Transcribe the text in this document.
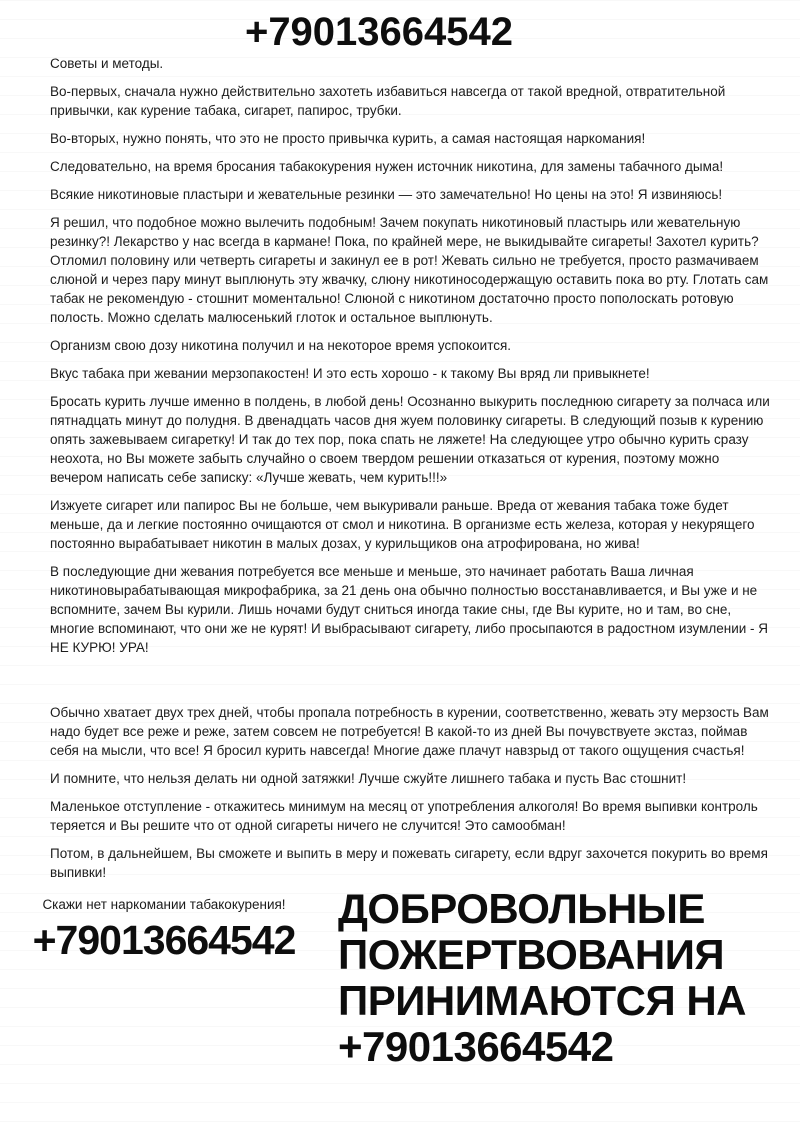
+79013664542
Советы и методы.

Во-первых, сначала нужно действительно захотеть избавиться навсегда от такой вредной, отвратительной привычки, как курение табака, сигарет, папирос, трубки.

Во-вторых, нужно понять, что это не просто привычка курить, а самая настоящая наркомания!

Следовательно, на время бросания табакокурения нужен источник никотина, для замены табачного дыма!

Всякие никотиновые пластыри и жевательные резинки — это замечательно! Но цены на это! Я извиняюсь!

Я решил, что подобное можно вылечить подобным! Зачем покупать никотиновый пластырь или жевательную резинку?! Лекарство у нас всегда в кармане! Пока, по крайней мере, не выкидывайте сигареты! Захотел курить? Отломил половину или четверть сигареты и закинул ее в рот! Жевать сильно не требуется, просто размачиваем слюной и через пару минут выплюнуть эту жвачку, слюну никотиносодержащую оставить пока во рту. Глотать сам табак не рекомендую - стошнит моментально! Слюной с никотином достаточно просто пополоскать ротовую полость. Можно сделать малюсенький глоток и остальное выплюнуть.

Организм свою дозу никотина получил и на некоторое время успокоится.

Вкус табака при жевании мерзопакостен! И это есть хорошо - к такому Вы вряд ли привыкнете!

Бросать курить лучше именно в полдень, в любой день! Осознанно выкурить последнюю сигарету за полчаса или пятнадцать минут до полудня. В двенадцать часов дня жуем половинку сигареты. В следующий позыв к курению опять зажевываем сигаретку! И так до тех пор, пока спать не ляжете! На следующее утро обычно курить сразу неохота, но Вы можете забыть случайно о своем твердом решении отказаться от курения, поэтому можно вечером написать себе записку: «Лучше жевать, чем курить!!!»

Изжуете сигарет или папирос Вы не больше, чем выкуривали раньше. Вреда от жевания табака тоже будет меньше, да и легкие постоянно очищаются от смол и никотина. В организме есть железа, которая у некурящего постоянно вырабатывает никотин в малых дозах, у курильщиков она атрофирована, но жива!

В последующие дни жевания потребуется все меньше и меньше, это начинает работать Ваша личная никотиновырабатывающая микрофабрика, за 21 день она обычно полностью восстанавливается, и Вы уже и не вспомните, зачем Вы курили. Лишь ночами будут сниться иногда такие сны, где Вы курите, но и там, во сне, многие вспоминают, что они же не курят! И выбрасывают сигарету, либо просыпаются в радостном изумлении - Я НЕ КУРЮ! УРА!

Обычно хватает двух трех дней, чтобы пропала потребность в курении, соответственно, жевать эту мерзость Вам надо будет все реже и реже, затем совсем не потребуется! В какой-то из дней Вы почувствуете экстаз, поймав себя на мысли, что все! Я бросил курить навсегда! Многие даже плачут навзрыд от такого ощущения счастья!

И помните, что нельзя делать ни одной затяжки! Лучше сжуйте лишнего табака и пусть Вас стошнит!

Маленькое отступление - откажитесь минимум на месяц от употребления алкоголя! Во время выпивки контроль теряется и Вы решите что от одной сигареты ничего не случится! Это самообман!

Потом, в дальнейшем, Вы сможете и выпить в меру и пожевать сигарету, если вдруг захочется покурить во время выпивки!

Скажи нет наркомании табакокурения!
+79013664542
ДОБРОВОЛЬНЫЕ
ПОЖЕРТВОВАНИЯ
ПРИНИМАЮТСЯ НА
+79013664542
